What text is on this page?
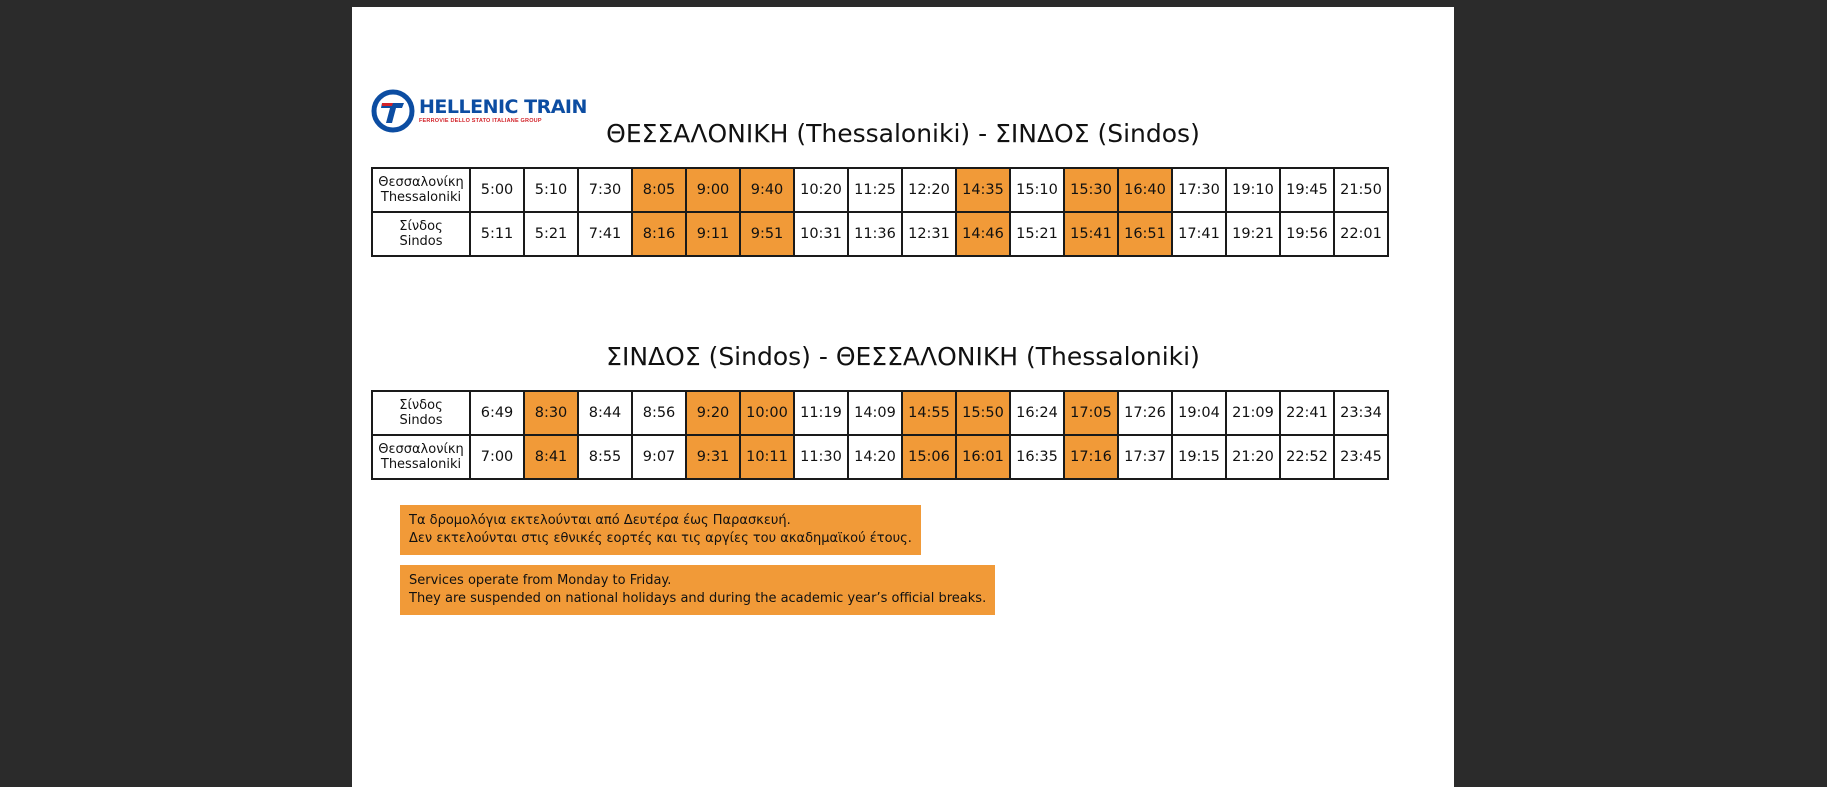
HELLENIC TRAIN
FERROVIE DELLO STATO ITALIANE GROUP	ΘΕΣΣΑΛΟΝΙΚΗ (Thessaloniki) - ΣΙΝΔΟΣ (Sindos)
Θεσσαλονίκη
Thessaloniki	5:00	5:10	7:30	8:05	9:00	9:40	10:20	11:25	12:20	14:35	15:10	15:30	16:40	17:30	19:10	19:45	21:50

Σίνδος
Sindos	5:11	5:21	7:41	8:16	9:11	9:51	10:31	11:36	12:31	14:46	15:21	15:41	16:51	17:41	19:21	19:56	22:01
ΣΙΝΔΟΣ (Sindos) - ΘΕΣΣΑΛΟΝΙΚΗ (Thessaloniki)
Σίνδος
Sindos	6:49	8:30	8:44	8:56	9:20	10:00	11:19	14:09	14:55	15:50	16:24	17:05	17:26	19:04	21:09	22:41	23:34

Θεσσαλονίκη
Thessaloniki	7:00	8:41	8:55	9:07	9:31	10:11	11:30	14:20	15:06	16:01	16:35	17:16	17:37	19:15	21:20	22:52	23:45
Τα δρομολόγια εκτελούνται από Δευτέρα έως Παρασκευή.
Δεν εκτελούνται στις εθνικές εορτές και τις αργίες του ακαδημαϊκού έτους.
Services operate from Monday to Friday.
They are suspended on national holidays and during the academic year’s official breaks.
